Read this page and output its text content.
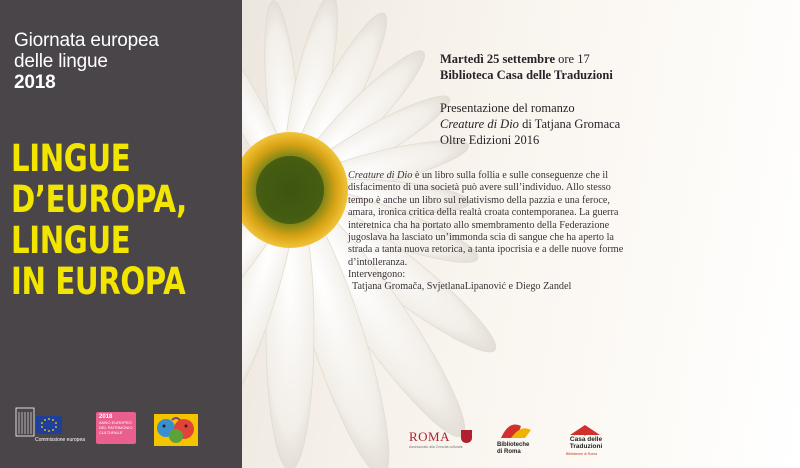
Giornata europea
delle lingue
2018
LINGUE
D’EUROPA,
LINGUE
IN EUROPA
Commissione europea
2018
ANNO EUROPEO
DEL PATRIMONIO
CULTURALE
Martedì 25 settembre ore 17
Biblioteca Casa delle Traduzioni
Presentazione del romanzo
Creature di Dio di Tatjana Gromaca
Oltre Edizioni 2016
Creature di Dio è un libro sulla follia e sulle conseguenze che il disfacimento di una società può avere sull’individuo. Allo stesso tempo è anche un libro sul relativismo della pazzia e una feroce, amara, ironica critica della realtà croata contemporanea. La guerra interetnica cha ha portato allo smembramento della Federazione jugoslava ha lasciato un’immonda scia di sangue che ha aperto la strada a tanta nuova retorica, a tanta ipocrisia e a delle nuove forme d’intolleranza.
Intervengono:
Tatjana Gromača, SvjetlanaLipanović e Diego Zandel
ROMA
Assessorato alla Crescita culturale	Biblioteche
di Roma
Casa delle
Traduzioni
Biblioteche di Roma
